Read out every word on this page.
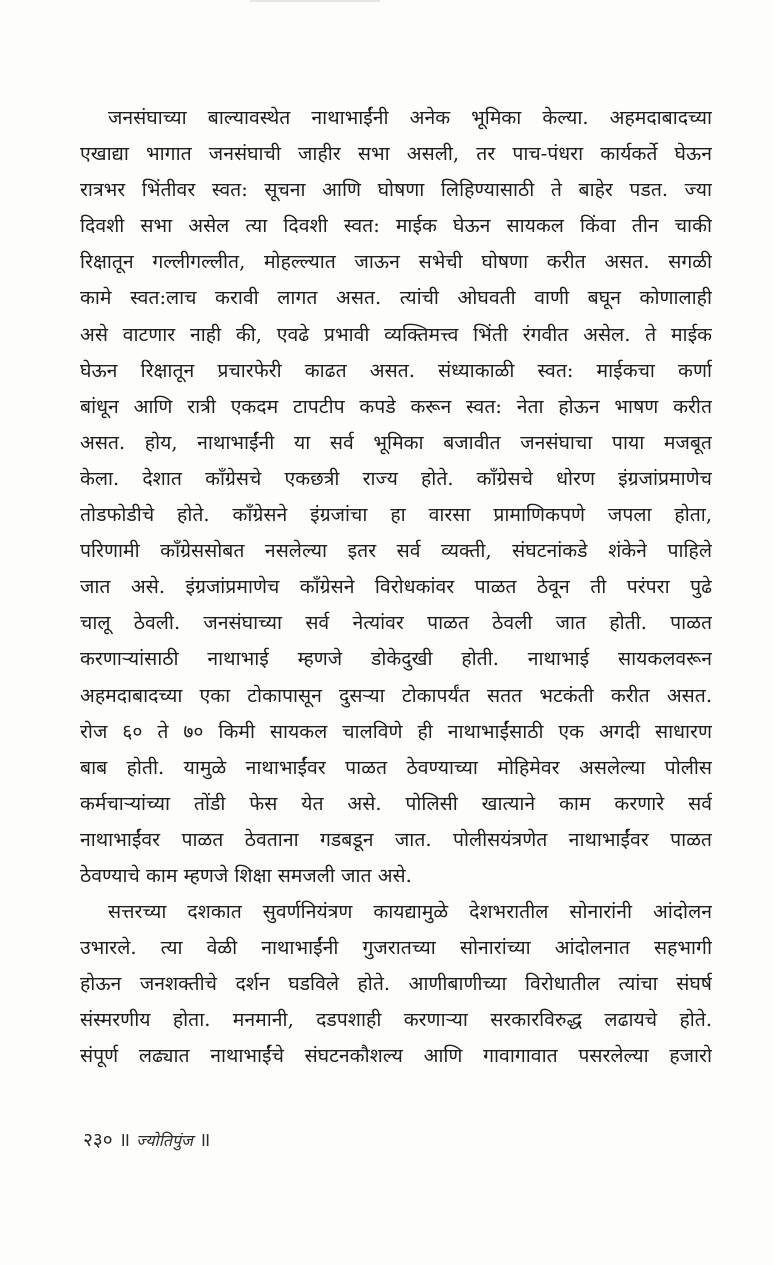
जनसंघाच्या बाल्यावस्थेत नाथाभाईंनी अनेक भूमिका केल्या. अहमदाबादच्या
एखाद्या भागात जनसंघाची जाहीर सभा असली, तर पाच-पंधरा कार्यकर्ते घेऊन
रात्रभर भिंतीवर स्वत: सूचना आणि घोषणा लिहिण्यासाठी ते बाहेर पडत. ज्या
दिवशी सभा असेल त्या दिवशी स्वत: माईक घेऊन सायकल किंवा तीन चाकी
रिक्षातून गल्लीगल्लीत, मोहल्ल्यात जाऊन सभेची घोषणा करीत असत. सगळी
कामे स्वत:लाच करावी लागत असत. त्यांची ओघवती वाणी बघून कोणालाही
असे वाटणार नाही की, एवढे प्रभावी व्यक्तिमत्त्व भिंती रंगवीत असेल. ते माईक
घेऊन रिक्षातून प्रचारफेरी काढत असत. संध्याकाळी स्वत: माईकचा कर्णा
बांधून आणि रात्री एकदम टापटीप कपडे करून स्वत: नेता होऊन भाषण करीत
असत. होय, नाथाभाईंनी या सर्व भूमिका बजावीत जनसंघाचा पाया मजबूत
केला. देशात काँग्रेसचे एकछत्री राज्य होते. काँग्रेसचे धोरण इंग्रजांप्रमाणेच
तोडफोडीचे होते. काँग्रेसने इंग्रजांचा हा वारसा प्रामाणिकपणे जपला होता,
परिणामी काँग्रेससोबत नसलेल्या इतर सर्व व्यक्ती, संघटनांकडे शंकेने पाहिले
जात असे. इंग्रजांप्रमाणेच काँग्रेसने विरोधकांवर पाळत ठेवून ती परंपरा पुढे
चालू ठेवली. जनसंघाच्या सर्व नेत्यांवर पाळत ठेवली जात होती. पाळत
करणाऱ्यांसाठी नाथाभाई म्हणजे डोकेदुखी होती. नाथाभाई सायकलवरून
अहमदाबादच्या एका टोकापासून दुसऱ्या टोकापर्यंत सतत भटकंती करीत असत.
रोज ६० ते ७० किमी सायकल चालविणे ही नाथाभाईंसाठी एक अगदी साधारण
बाब होती. यामुळे नाथाभाईंवर पाळत ठेवण्याच्या मोहिमेवर असलेल्या पोलीस
कर्मचाऱ्यांच्या तोंडी फेस येत असे. पोलिसी खात्याने काम करणारे सर्व
नाथाभाईंवर पाळत ठेवताना गडबडून जात. पोलीसयंत्रणेत नाथाभाईंवर पाळत
ठेवण्याचे काम म्हणजे शिक्षा समजली जात असे.
सत्तरच्या दशकात सुवर्णनियंत्रण कायद्यामुळे देशभरातील सोनारांनी आंदोलन
उभारले. त्या वेळी नाथाभाईंनी गुजरातच्या सोनारांच्या आंदोलनात सहभागी
होऊन जनशक्तीचे दर्शन घडविले होते. आणीबाणीच्या विरोधातील त्यांचा संघर्ष
संस्मरणीय होता. मनमानी, दडपशाही करणाऱ्या सरकारविरुद्ध लढायचे होते.
संपूर्ण लढ्यात नाथाभाईंचे संघटनकौशल्य आणि गावागावात पसरलेल्या हजारो
२३० ॥ ज्योतिपुंज ॥
